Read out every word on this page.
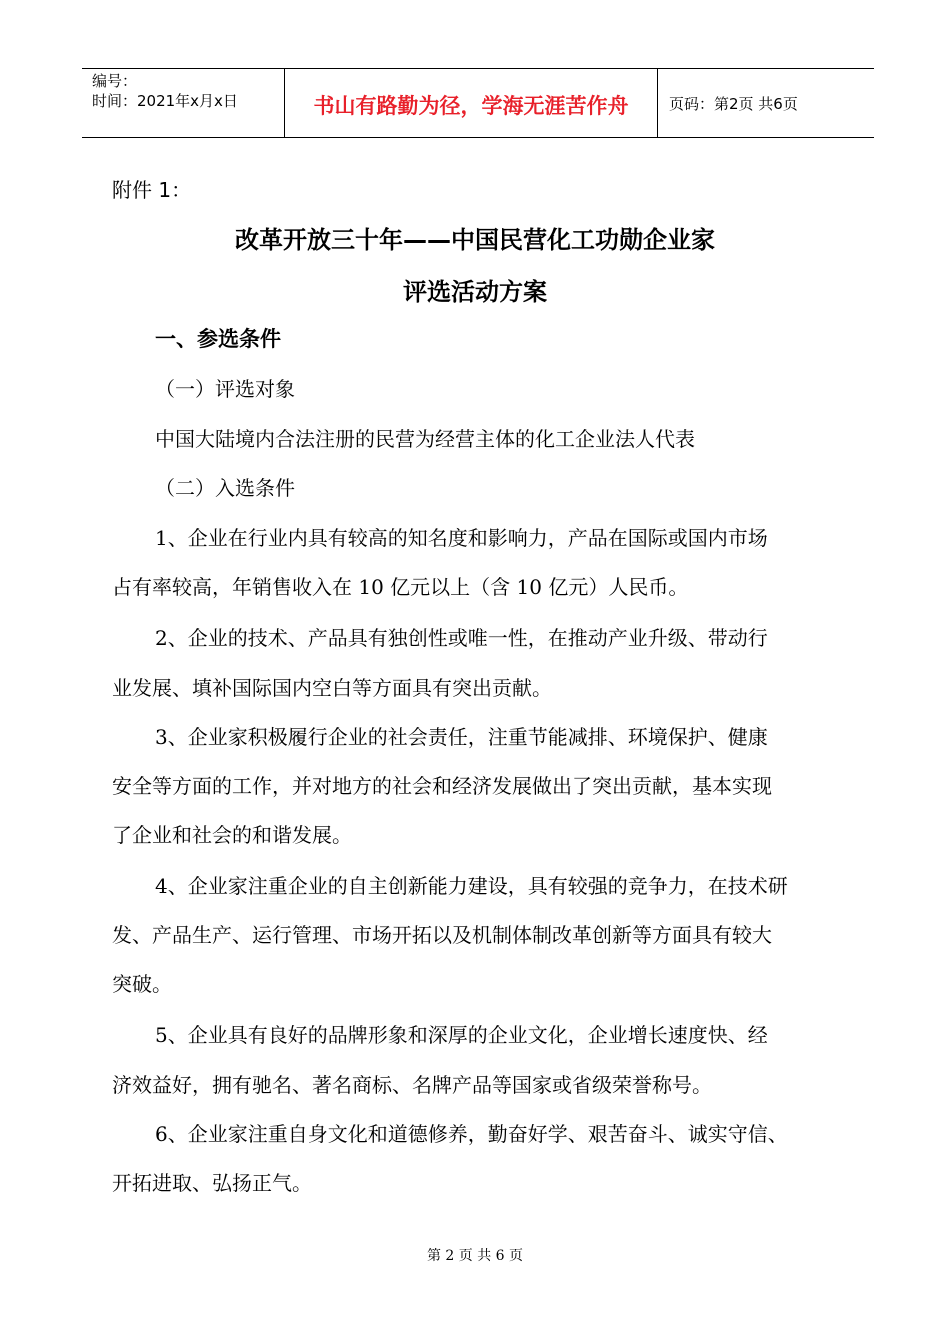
编号：
时间：2021年x月x日	书山有路勤为径，学海无涯苦作舟	页码：第2页 共6页
附件 1：
改革开放三十年——中国民营化工功勋企业家
评选活动方案
一、参选条件
（一）评选对象
中国大陆境内合法注册的民营为经营主体的化工企业法人代表
（二）入选条件
1、企业在行业内具有较高的知名度和影响力，产品在国际或国内市场
占有率较高，年销售收入在 10 亿元以上（含 10 亿元）人民币。
2、企业的技术、产品具有独创性或唯一性，在推动产业升级、带动行
业发展、填补国际国内空白等方面具有突出贡献。
3、企业家积极履行企业的社会责任，注重节能减排、环境保护、健康
安全等方面的工作，并对地方的社会和经济发展做出了突出贡献，基本实现
了企业和社会的和谐发展。
4、企业家注重企业的自主创新能力建设，具有较强的竞争力，在技术研
发、产品生产、运行管理、市场开拓以及机制体制改革创新等方面具有较大
突破。
5、企业具有良好的品牌形象和深厚的企业文化，企业增长速度快、经
济效益好，拥有驰名、著名商标、名牌产品等国家或省级荣誉称号。
6、企业家注重自身文化和道德修养，勤奋好学、艰苦奋斗、诚实守信、
开拓进取、弘扬正气。
第 2 页 共 6 页
